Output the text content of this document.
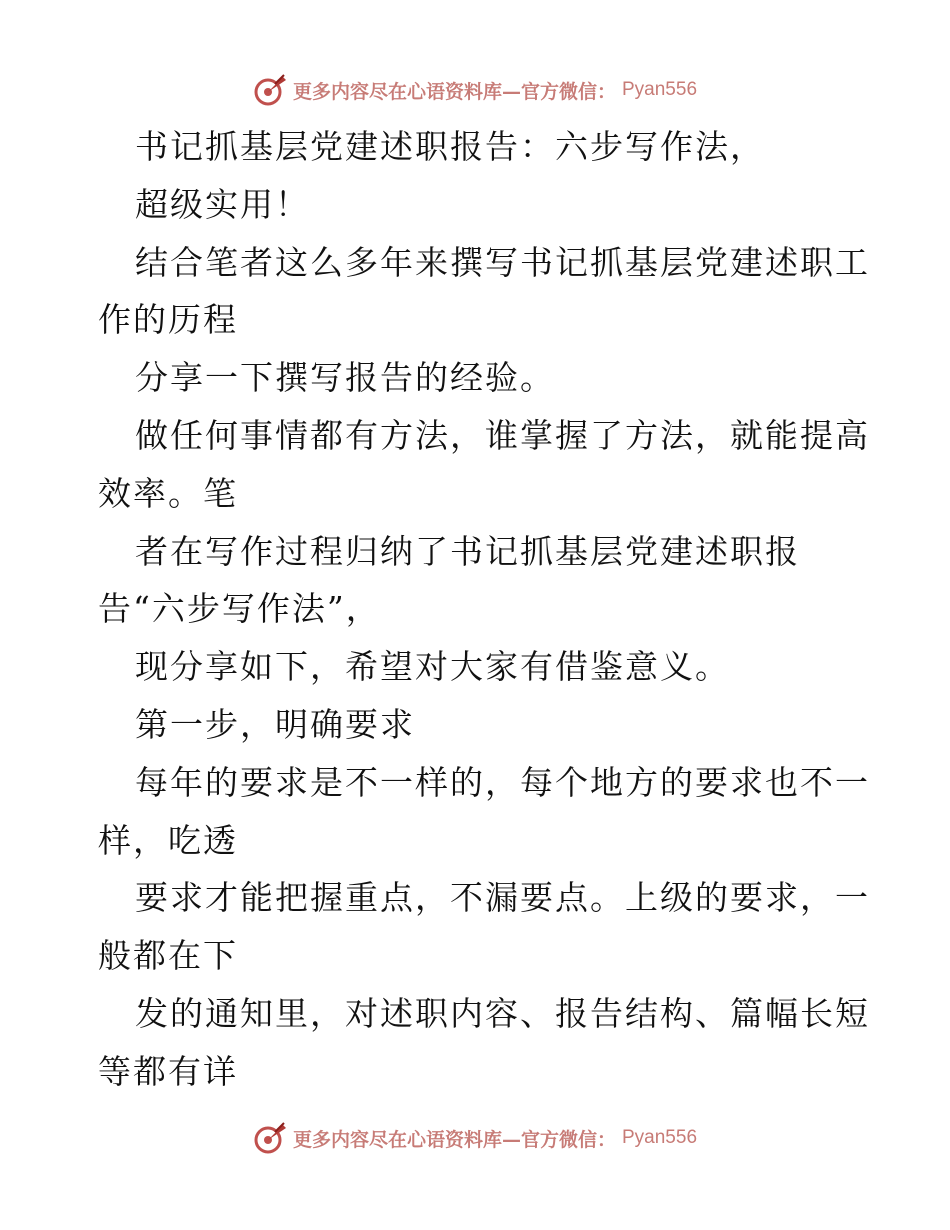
更多内容尽在心语资料库—官方微信： Pyan556
书记抓基层党建述职报告：六步写作法，
超级实用！
结合笔者这么多年来撰写书记抓基层党建述职工
作的历程
分享一下撰写报告的经验。
做任何事情都有方法，谁掌握了方法，就能提高
效率。笔
者在写作过程归纳了书记抓基层党建述职报
告“六步写作法”，
现分享如下，希望对大家有借鉴意义。
第一步，明确要求
每年的要求是不一样的，每个地方的要求也不一
样，吃透
要求才能把握重点，不漏要点。上级的要求，一
般都在下
发的通知里，对述职内容、报告结构、篇幅长短
等都有详
更多内容尽在心语资料库—官方微信： Pyan556
